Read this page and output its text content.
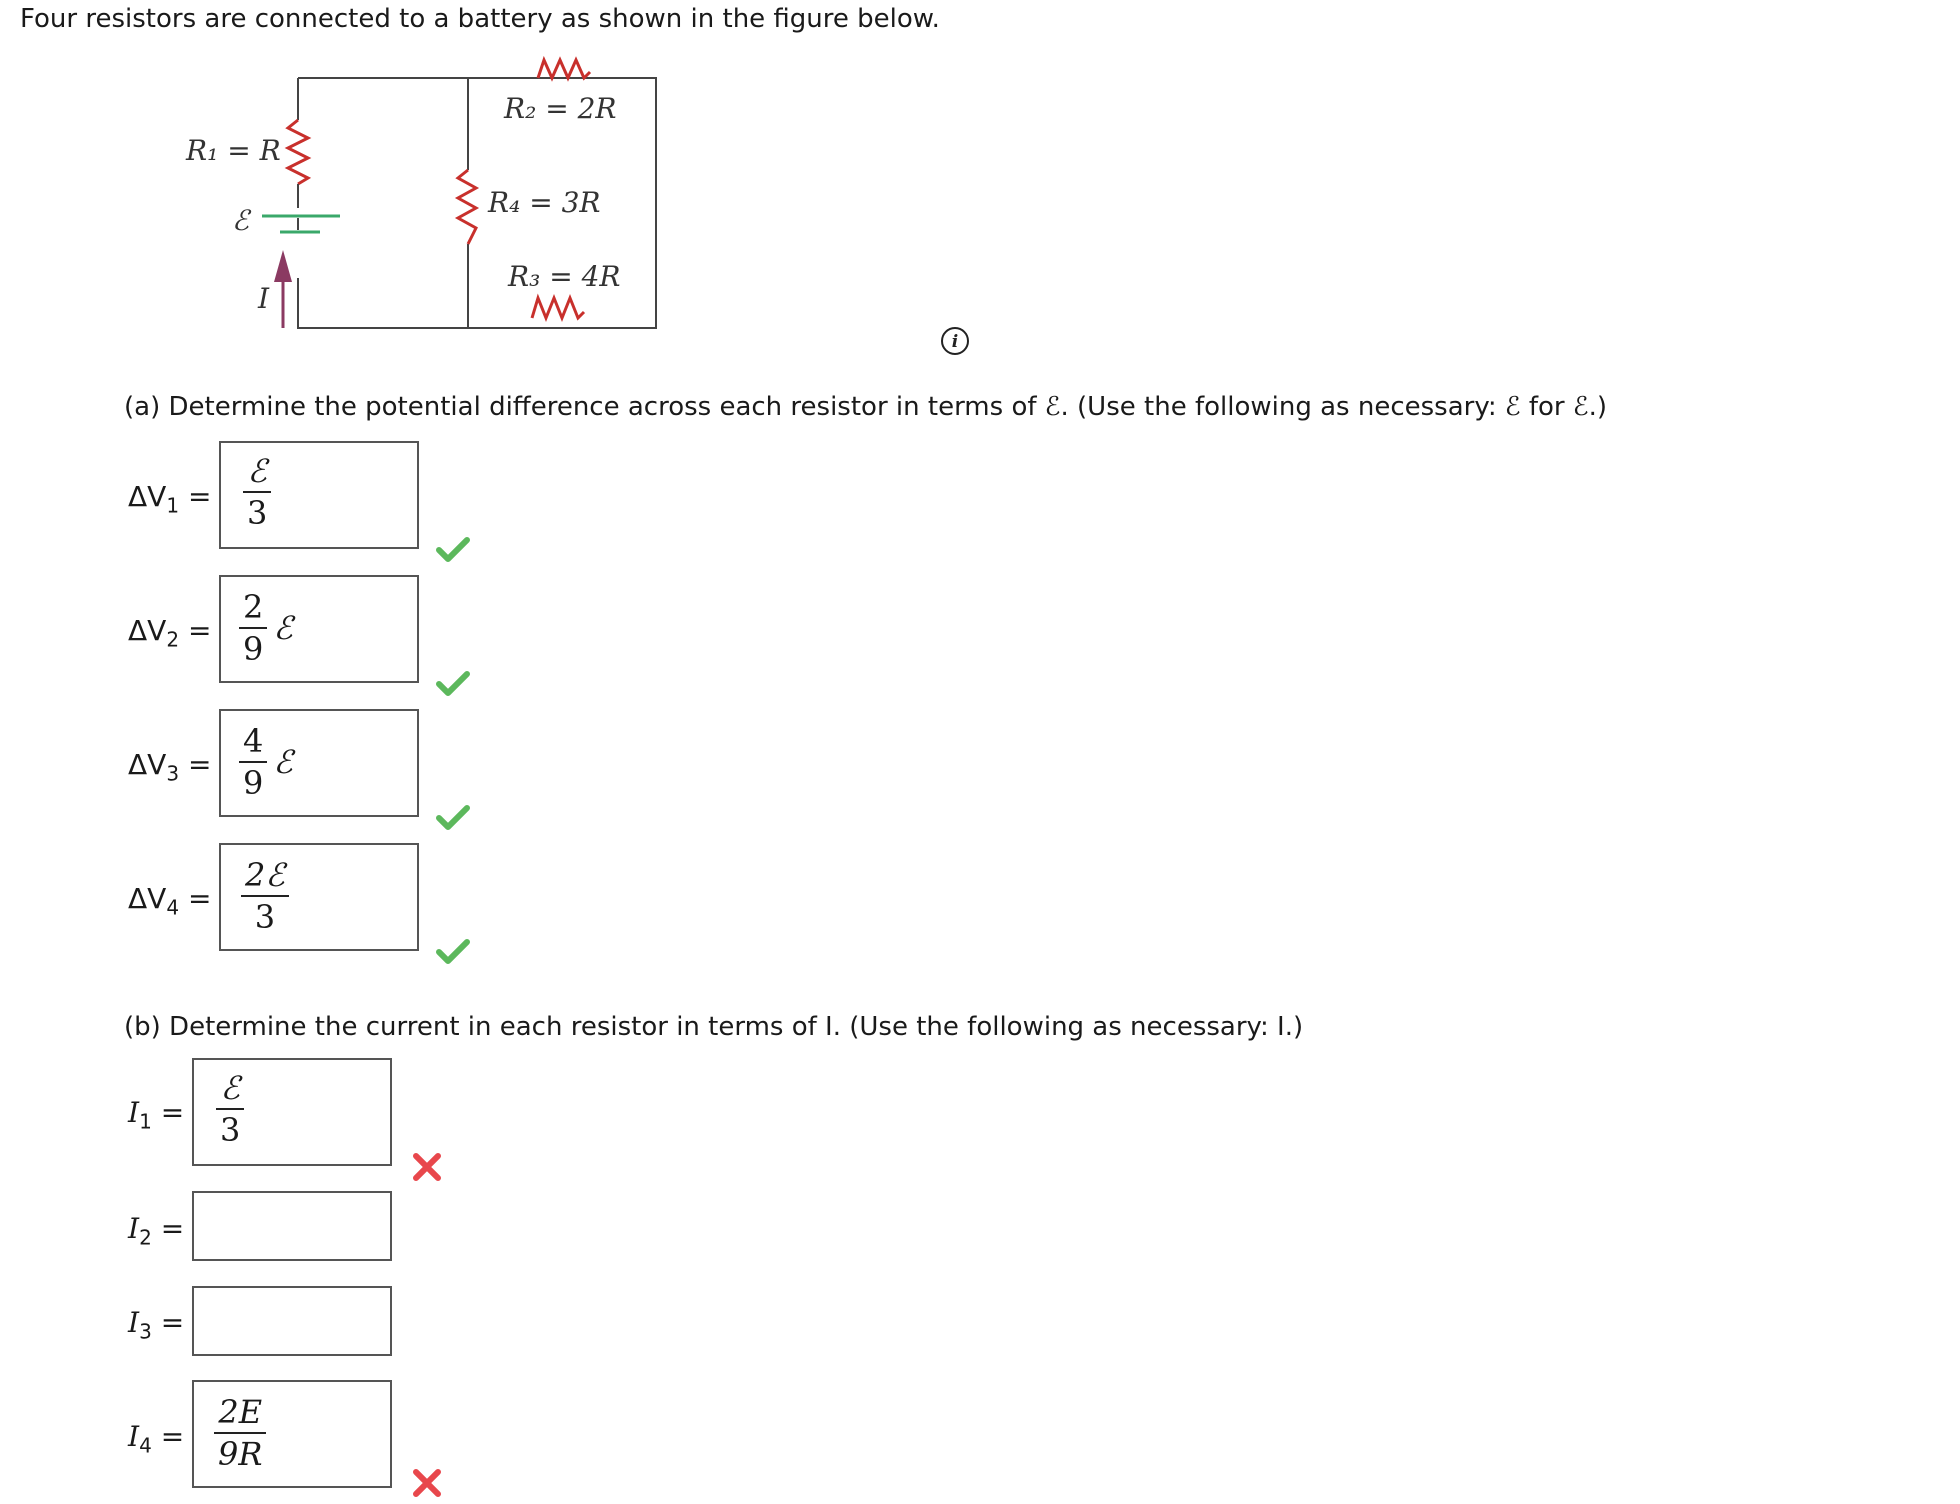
Four resistors are connected to a battery as shown in the figure below.
R₁ = R
ℰ
I
R₂ = 2R
R₄ = 3R
R₃ = 4R
i
(a) Determine the potential difference across each resistor in terms of ℰ. (Use the following as necessary: ℰ for ℰ.)
$\Delta V_1$ =
ℰ
3
$\Delta V_2$ =
2
9
ℰ
$\Delta V_3$ =
4
9
ℰ
$\Delta V_4$ =
2ℰ
3
(b) Determine the current in each resistor in terms of I. (Use the following as necessary: I.)
$I_1$ =
ℰ
3
$I_2$ =
$I_3$ =
$I_4$ =
2E
9R
